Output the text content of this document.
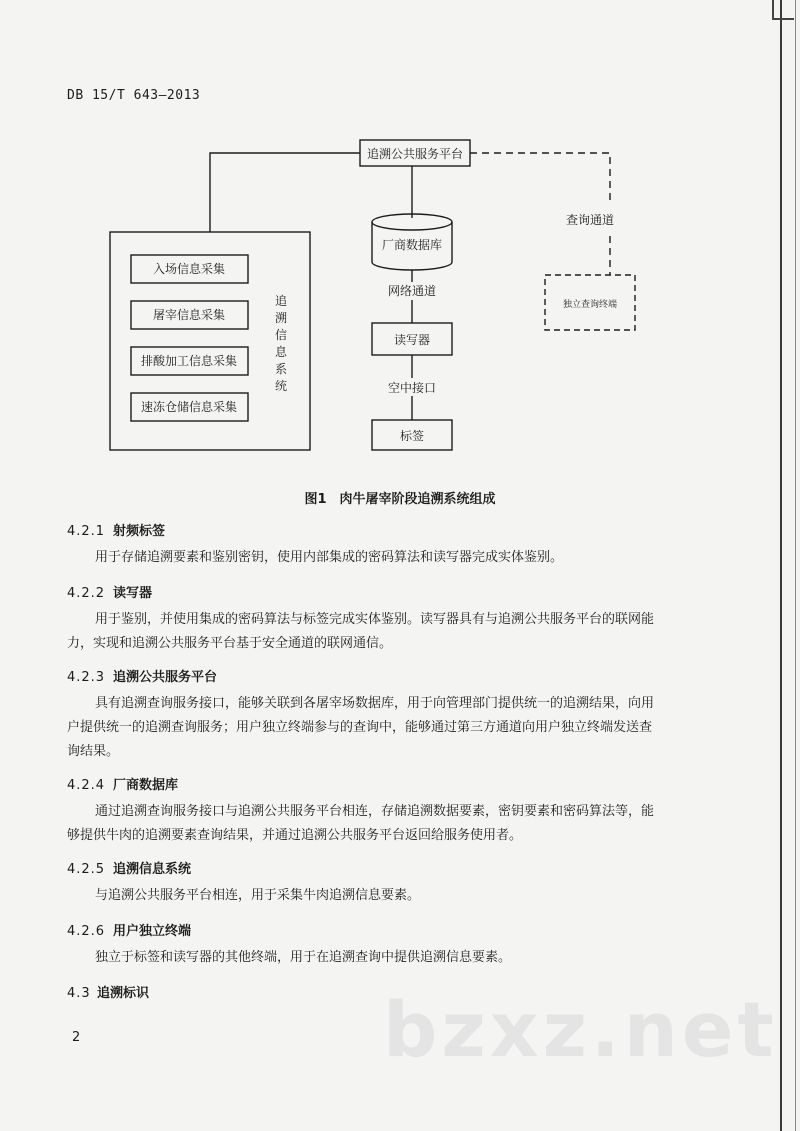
DB 15/T 643—2013
追溯公共服务平台
厂商数据库
网络通道
读写器
空中接口
标签
查询通道
独立查询终端
入场信息采集
屠宰信息采集
排酸加工信息采集
速冻仓储信息采集
追溯信息系统
图1　肉牛屠宰阶段追溯系统组成
4.2.1 射频标签
用于存储追溯要素和鉴别密钥，使用内部集成的密码算法和读写器完成实体鉴别。
4.2.2 读写器
用于鉴别，并使用集成的密码算法与标签完成实体鉴别。读写器具有与追溯公共服务平台的联网能
力，实现和追溯公共服务平台基于安全通道的联网通信。
4.2.3 追溯公共服务平台
具有追溯查询服务接口，能够关联到各屠宰场数据库，用于向管理部门提供统一的追溯结果，向用
户提供统一的追溯查询服务；用户独立终端参与的查询中，能够通过第三方通道向用户独立终端发送查
询结果。
4.2.4 厂商数据库
通过追溯查询服务接口与追溯公共服务平台相连，存储追溯数据要素，密钥要素和密码算法等，能
够提供牛肉的追溯要素查询结果，并通过追溯公共服务平台返回给服务使用者。
4.2.5 追溯信息系统
与追溯公共服务平台相连，用于采集牛肉追溯信息要素。
4.2.6 用户独立终端
独立于标签和读写器的其他终端，用于在追溯查询中提供追溯信息要素。
4.3 追溯标识	bzxz.net
2
